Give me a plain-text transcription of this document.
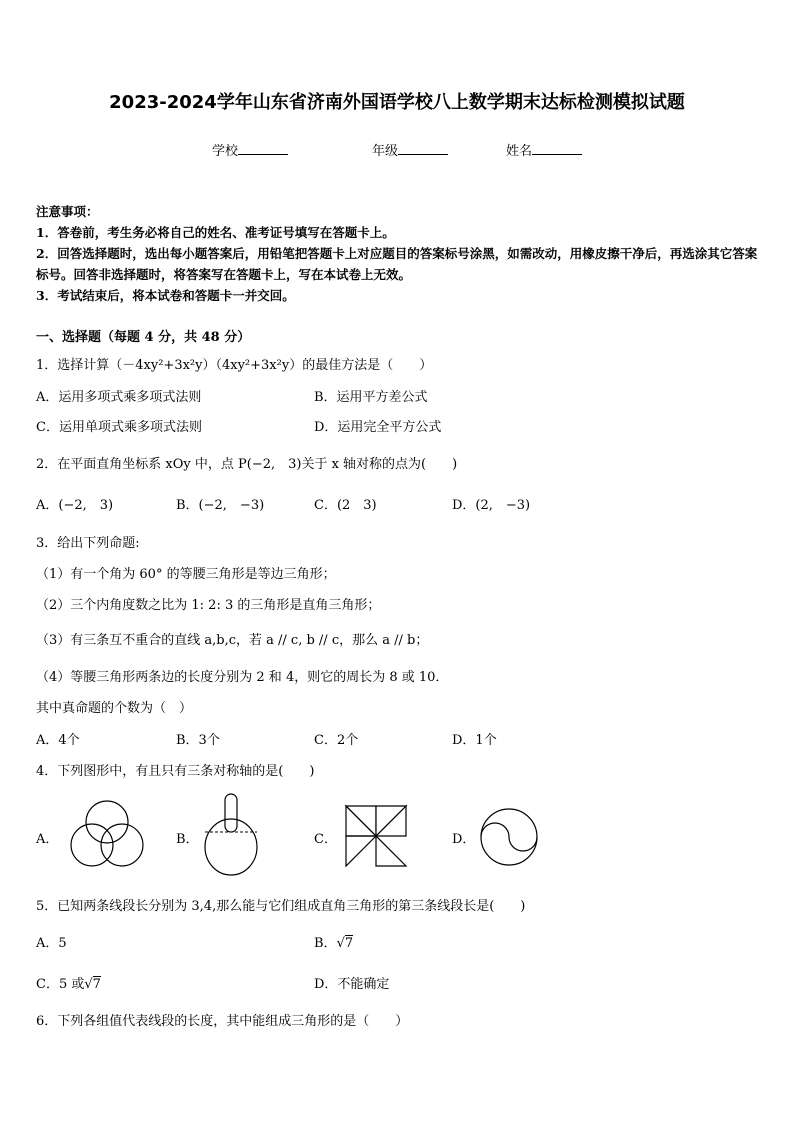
2023-2024学年山东省济南外国语学校八上数学期末达标检测模拟试题
学校	年级	姓名
注意事项：
1．答卷前，考生务必将自己的姓名、准考证号填写在答题卡上。
2．回答选择题时，选出每小题答案后，用铅笔把答题卡上对应题目的答案标号涂黑，如需改动，用橡皮擦干净后，再选涂其它答案标号。回答非选择题时，将答案写在答题卡上，写在本试卷上无效。
3．考试结束后，将本试卷和答题卡一并交回。
一、选择题（每题 4 分，共 48 分）
1．选择计算（－4xy²+3x²y）（4xy²+3x²y）的最佳方法是（　　）
A．运用多项式乘多项式法则	B．运用平方差公式
C．运用单项式乘多项式法则	D．运用完全平方公式
2．在平面直角坐标系 xOy 中，点 P(−2,　3)关于 x 轴对称的点为(　　)
A．(−2,　3)	B．(−2,　−3)	C．(2　3)	D．(2,　−3)
3．给出下列命题:
（1）有一个角为 60° 的等腰三角形是等边三角形；
（2）三个内角度数之比为 1: 2: 3 的三角形是直角三角形；
（3）有三条互不重合的直线 a,b,c，若 a // c, b // c，那么 a // b；
（4）等腰三角形两条边的长度分别为 2 和 4，则它的周长为 8 或 10．
其中真命题的个数为（　）
A．4个	B．3个	C．2个	D．1个
4．下列图形中，有且只有三条对称轴的是(　　)
A．	B．	C．	D．
5．已知两条线段长分别为 3,4,那么能与它们组成直角三角形的第三条线段长是(　　)
A．5	B．√7
C．5 或√7	D．不能确定
6．下列各组值代表线段的长度，其中能组成三角形的是（　　）
